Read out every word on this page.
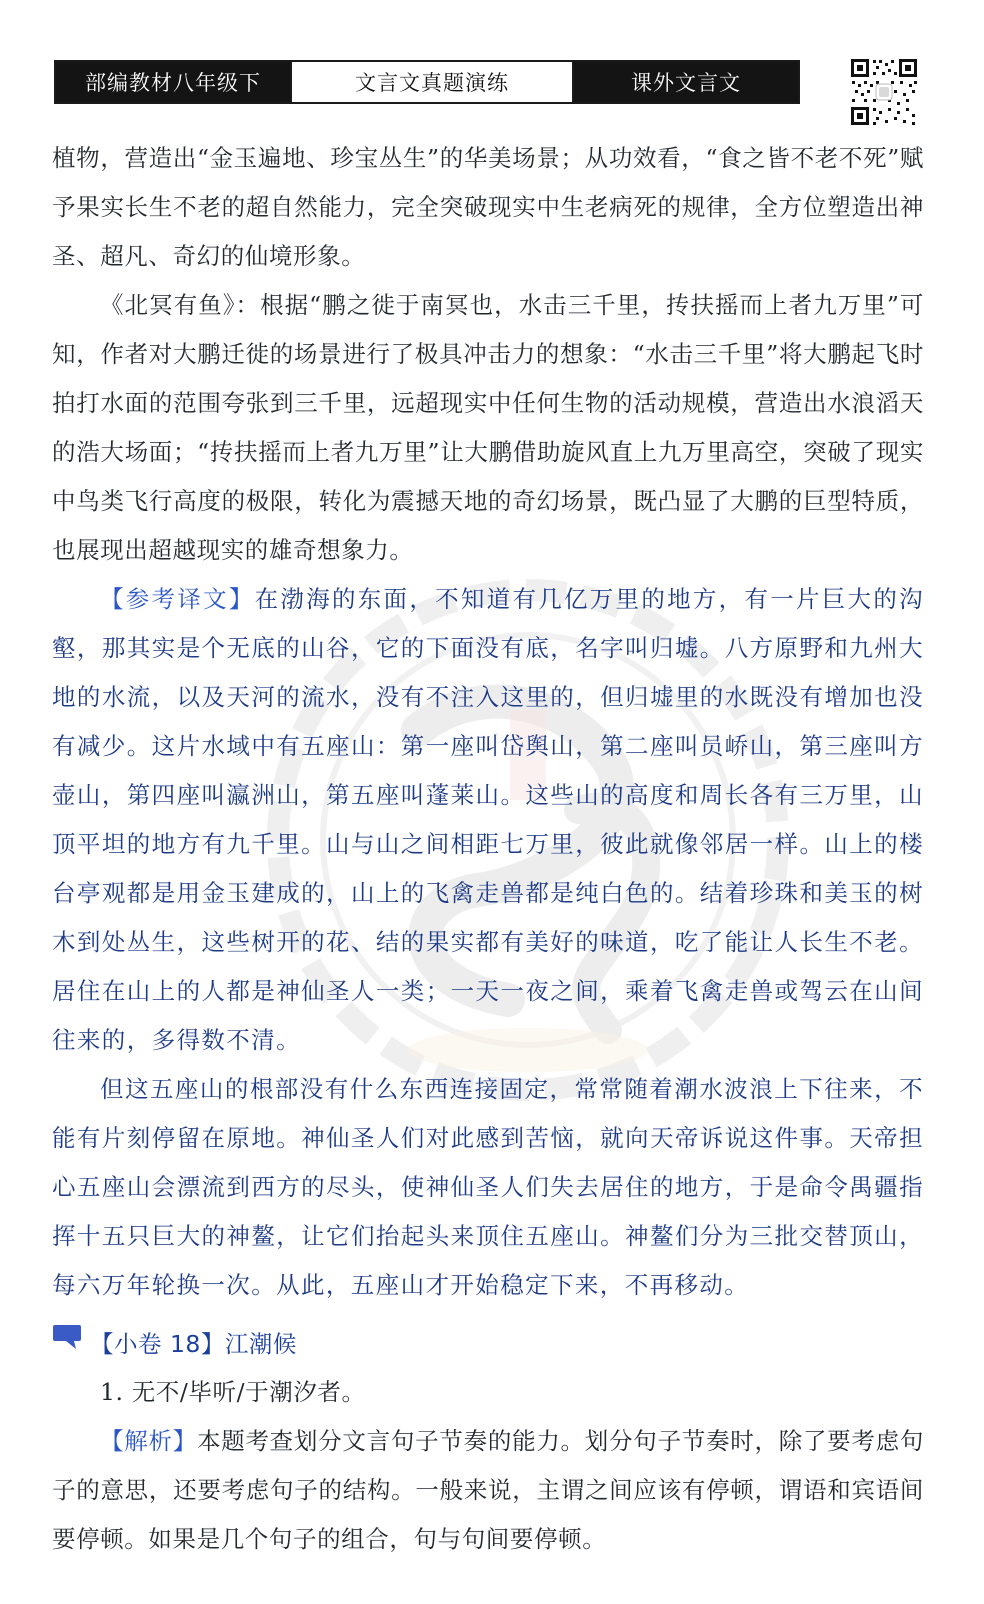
部编教材八年级下	文言文真题演练	课外文言文

植物，营造出“金玉遍地、珍宝丛生”的华美场景；从功效看，“食之皆不老不死”赋予果实长生不老的超自然能力，完全突破现实中生老病死的规律，全方位塑造出神圣、超凡、奇幻的仙境形象。

《北冥有鱼》：根据“鹏之徙于南冥也，水击三千里，抟扶摇而上者九万里”可知，作者对大鹏迁徙的场景进行了极具冲击力的想象：“水击三千里”将大鹏起飞时拍打水面的范围夸张到三千里，远超现实中任何生物的活动规模，营造出水浪滔天的浩大场面；“抟扶摇而上者九万里”让大鹏借助旋风直上九万里高空，突破了现实中鸟类飞行高度的极限，转化为震撼天地的奇幻场景，既凸显了大鹏的巨型特质，也展现出超越现实的雄奇想象力。

【参考译文】在渤海的东面，不知道有几亿万里的地方，有一片巨大的沟壑，那其实是个无底的山谷，它的下面没有底，名字叫归墟。八方原野和九州大地的水流，以及天河的流水，没有不注入这里的，但归墟里的水既没有增加也没有减少。这片水域中有五座山：第一座叫岱舆山，第二座叫员峤山，第三座叫方壶山，第四座叫瀛洲山，第五座叫蓬莱山。这些山的高度和周长各有三万里，山顶平坦的地方有九千里。山与山之间相距七万里，彼此就像邻居一样。山上的楼台亭观都是用金玉建成的，山上的飞禽走兽都是纯白色的。结着珍珠和美玉的树木到处丛生，这些树开的花、结的果实都有美好的味道，吃了能让人长生不老。居住在山上的人都是神仙圣人一类；一天一夜之间，乘着飞禽走兽或驾云在山间往来的，多得数不清。

但这五座山的根部没有什么东西连接固定，常常随着潮水波浪上下往来，不能有片刻停留在原地。神仙圣人们对此感到苦恼，就向天帝诉说这件事。天帝担心五座山会漂流到西方的尽头，使神仙圣人们失去居住的地方，于是命令禺疆指挥十五只巨大的神鳌，让它们抬起头来顶住五座山。神鳌们分为三批交替顶山，每六万年轮换一次。从此，五座山才开始稳定下来，不再移动。

【小卷 18】江潮候

1. 无不/毕听/于潮汐者。

【解析】本题考查划分文言句子节奏的能力。划分句子节奏时，除了要考虑句子的意思，还要考虑句子的结构。一般来说，主谓之间应该有停顿，谓语和宾语间要停顿。如果是几个句子的组合，句与句间要停顿。
